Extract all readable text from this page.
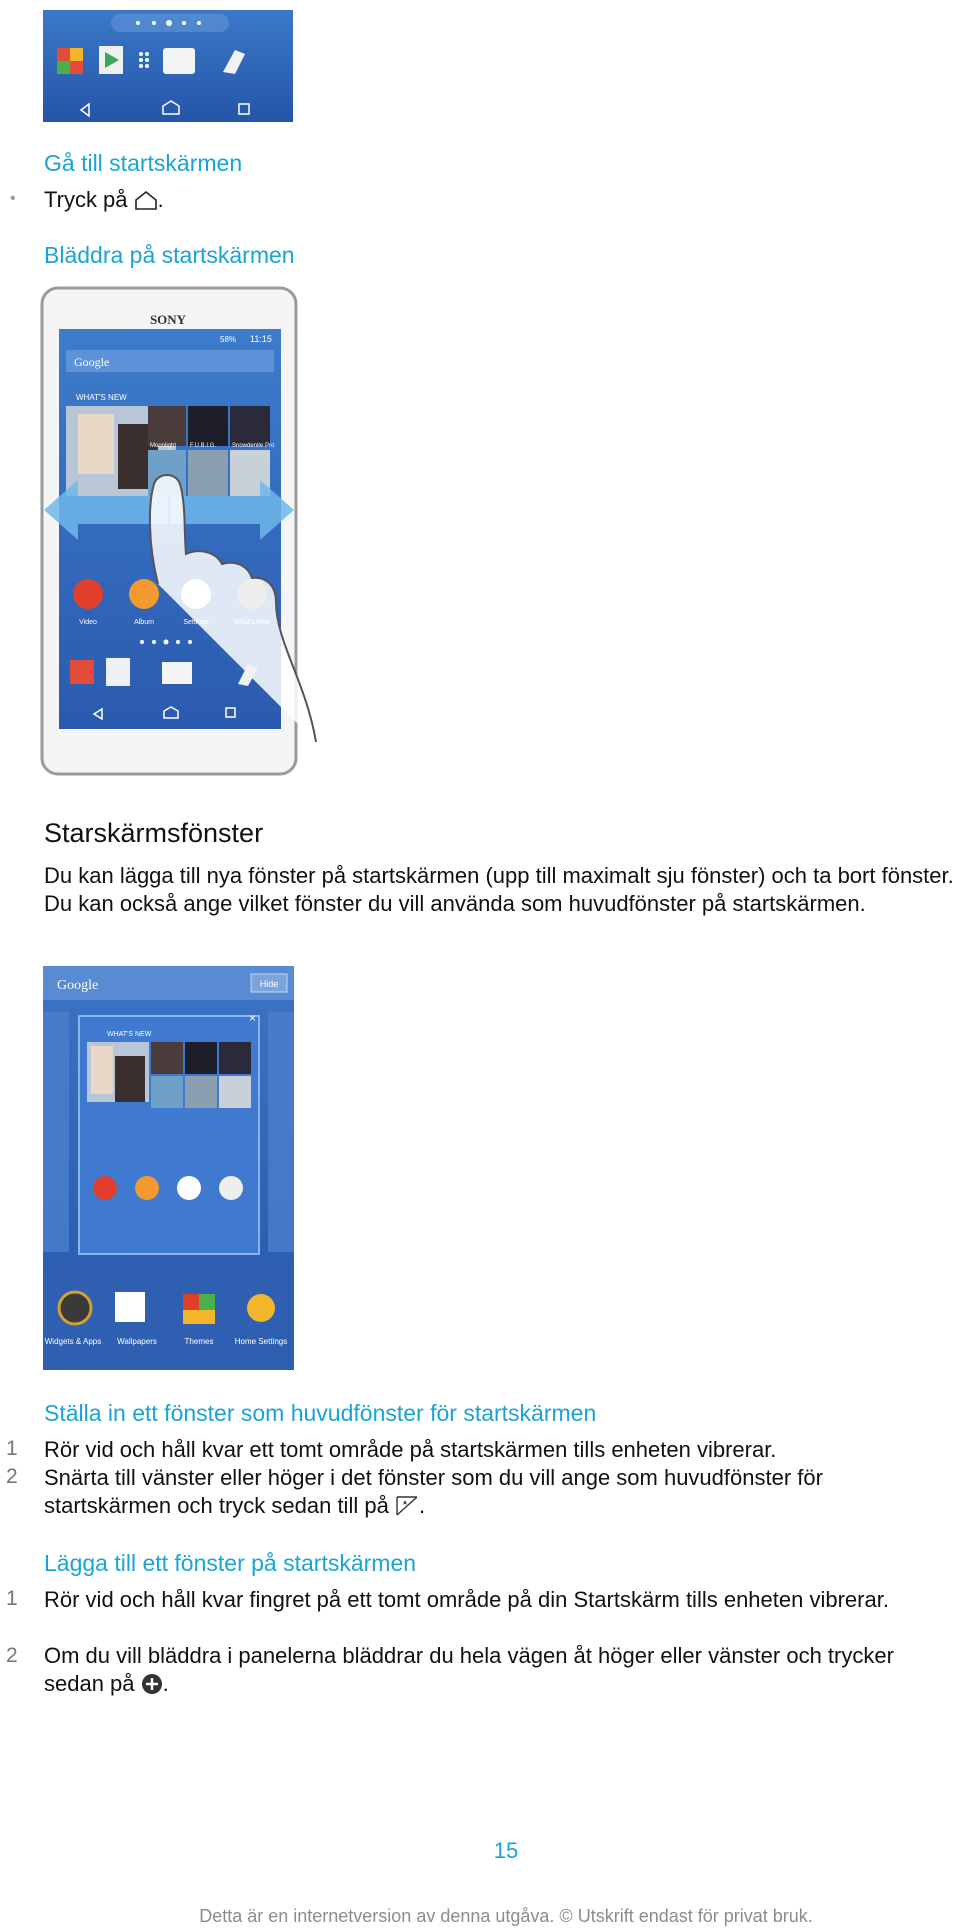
Gå till startskärmen
• Tryck på .
Bläddra på startskärmen
SONY
58% 11:15
Google
WHAT'S NEW
Moonlight F.U.B.I.G.	Snowdenite Pro
Video	Album	Settings	What's New
Starskärmsfönster
Du kan lägga till nya fönster på startskärmen (upp till maximalt sju fönster) och ta bort fönster. Du kan också ange vilket fönster du vill använda som huvudfönster på startskärmen.
Google	Hide
WHAT'S NEW
×
Widgets & Apps Wallpapers	Themes	Home Settings
Ställa in ett fönster som huvudfönster för startskärmen
1 Rör vid och håll kvar ett tomt område på startskärmen tills enheten vibrerar.
2 Snärta till vänster eller höger i det fönster som du vill ange som huvudfönster för startskärmen och tryck sedan till på .
Lägga till ett fönster på startskärmen
1 Rör vid och håll kvar fingret på ett tomt område på din Startskärm tills enheten vibrerar.
2 Om du vill bläddra i panelerna bläddrar du hela vägen åt höger eller vänster och trycker sedan på .
15
Detta är en internetversion av denna utgåva. © Utskrift endast för privat bruk.
